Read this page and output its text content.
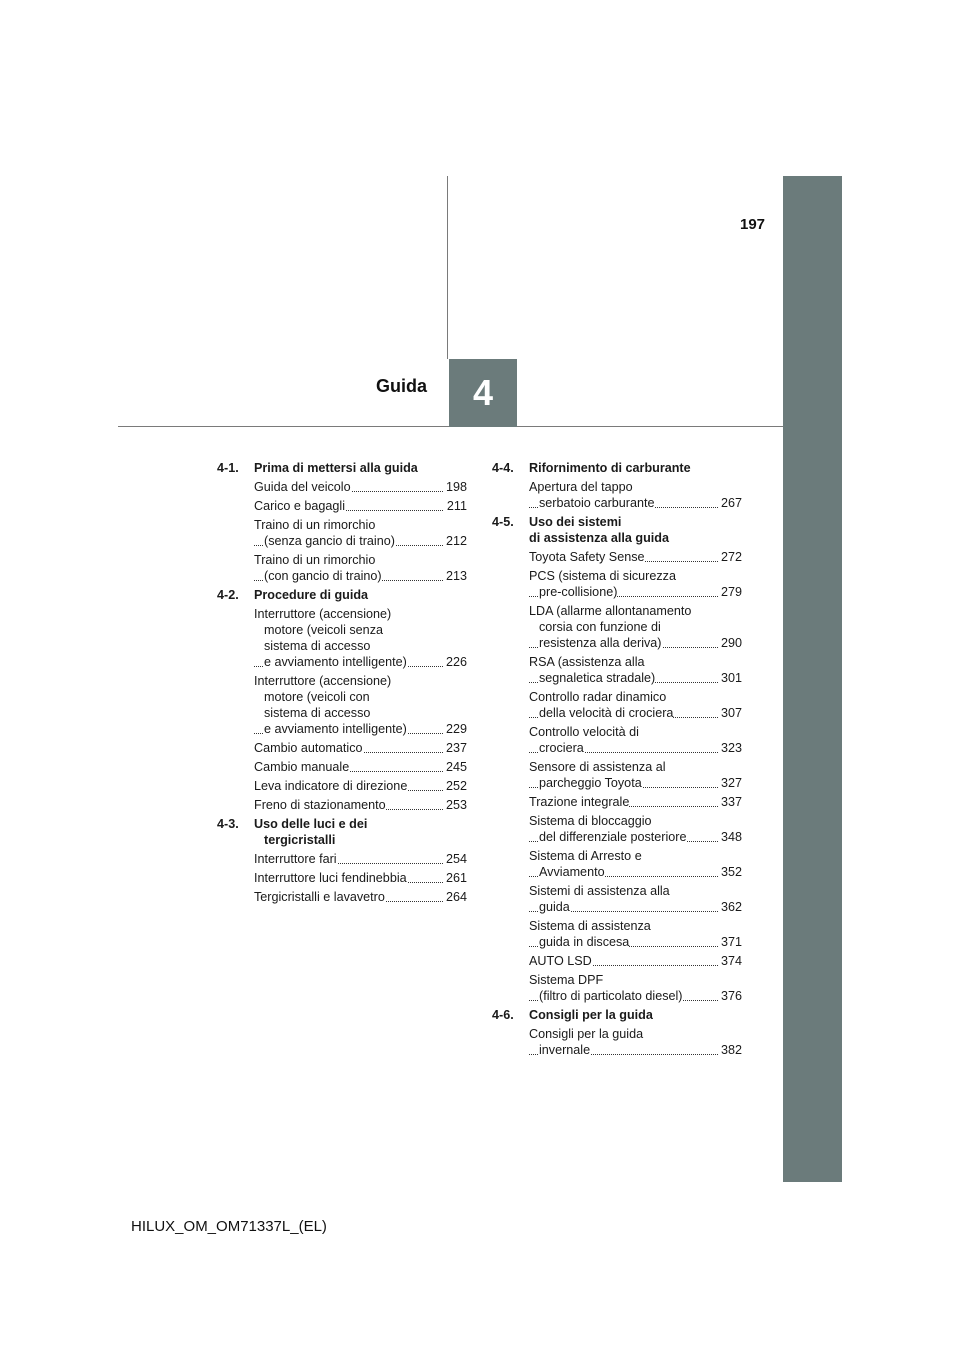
197
Guida 4
4-1.	Prima di mettersi alla guida
Guida del veicolo	198
Carico e bagagli	211
Traino di un rimorchio
(senza gancio di traino)	212
Traino di un rimorchio
(con gancio di traino)	213
4-2.	Procedure di guida
Interruttore (accensione)
motore (veicoli senza
sistema di accesso
e avviamento intelligente)	226
Interruttore (accensione)
motore (veicoli con
sistema di accesso
e avviamento intelligente)	229
Cambio automatico	237
Cambio manuale	245
Leva indicatore di direzione	252
Freno di stazionamento	253
4-3.	Uso delle luci e dei
tergicristalli
Interruttore fari	254
Interruttore luci fendinebbia	261
Tergicristalli e lavavetro	264
4-4.	Rifornimento di carburante
Apertura del tappo
serbatoio carburante	267
4-5.	Uso dei sistemi
di assistenza alla guida
Toyota Safety Sense	272
PCS (sistema di sicurezza
pre-collisione)	279
LDA (allarme allontanamento
corsia con funzione di
resistenza alla deriva)	290
RSA (assistenza alla
segnaletica stradale)	301
Controllo radar dinamico
della velocità di crociera	307
Controllo velocità di
crociera	323
Sensore di assistenza al
parcheggio Toyota	327
Trazione integrale	337
Sistema di bloccaggio
del differenziale posteriore	348
Sistema di Arresto e
Avviamento	352
Sistemi di assistenza alla
guida	362
Sistema di assistenza
guida in discesa	371
AUTO LSD	374
Sistema DPF
(filtro di particolato diesel)	376
4-6.	Consigli per la guida
Consigli per la guida
invernale	382
HILUX_OM_OM71337L_(EL)
